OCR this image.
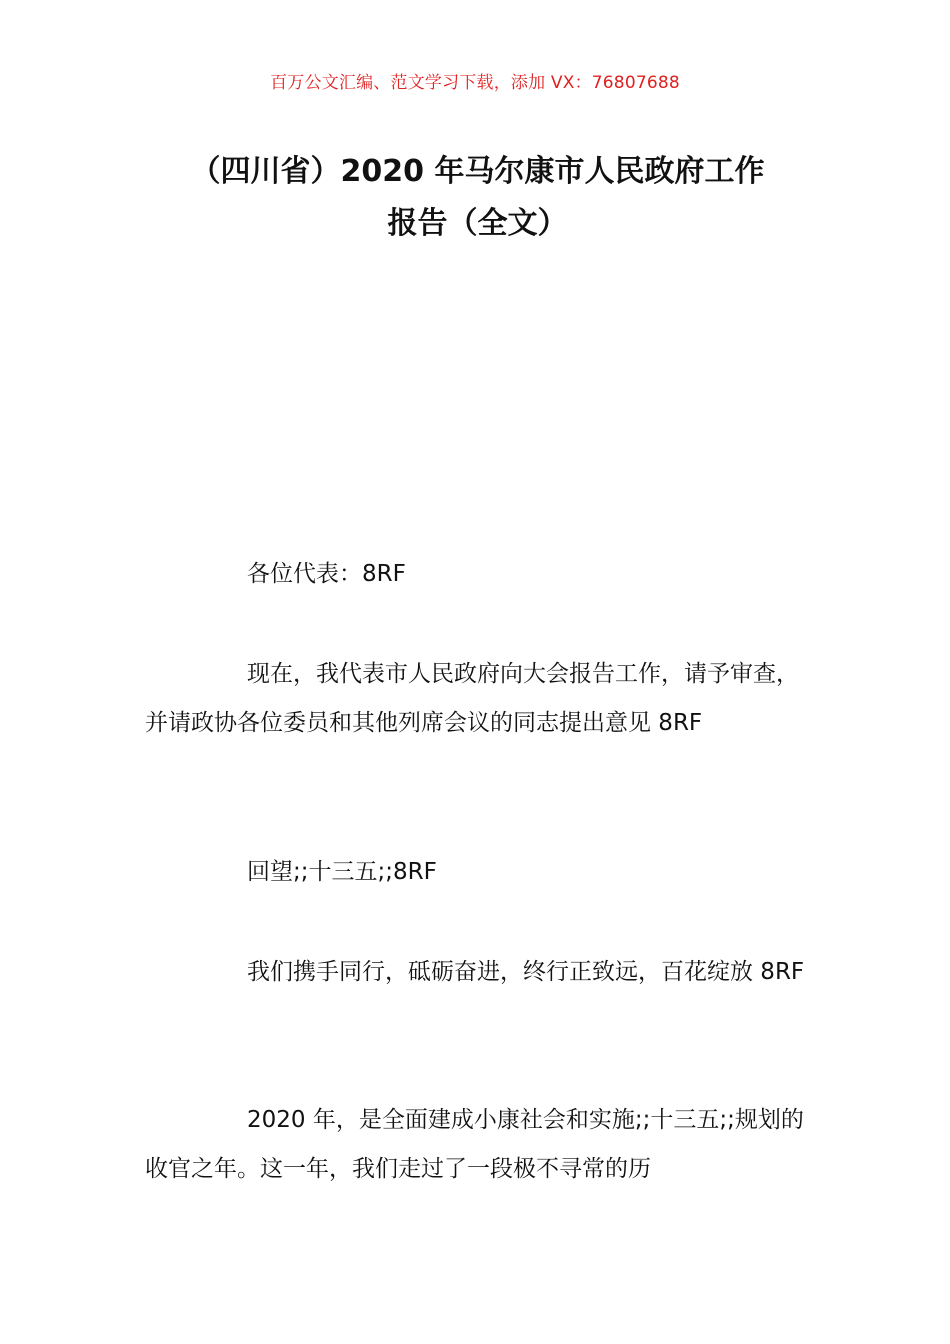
百万公文汇编、范文学习下载，添加 VX：76807688
（四川省）2020 年马尔康市人民政府工作
报告（全文）

各位代表：8RF

现在，我代表市人民政府向大会报告工作，请予审查，并请政协各位委员和其他列席会议的同志提出意见 8RF

回望;;十三五;;8RF

我们携手同行，砥砺奋进，终行正致远，百花绽放 8RF

2020 年，是全面建成小康社会和实施;;十三五;;规划的收官之年。这一年，我们走过了一段极不寻常的历
